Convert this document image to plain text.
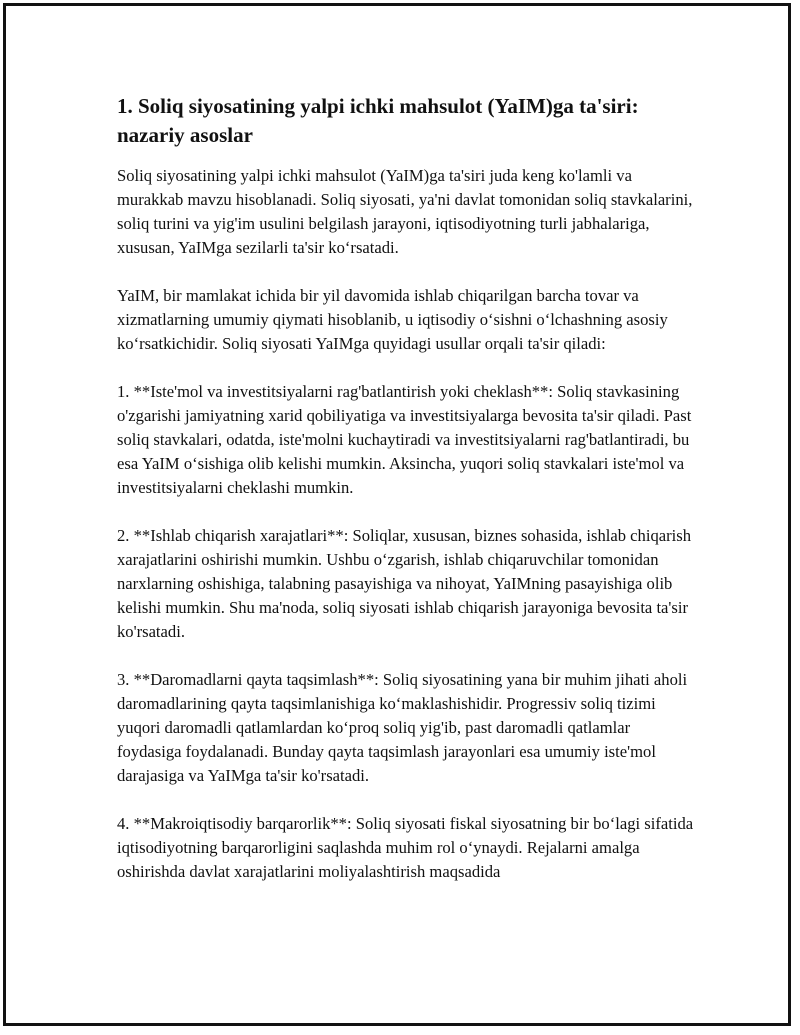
1. Soliq siyosatining yalpi ichki mahsulot (YaIM)ga ta'siri: nazariy asoslar

Soliq siyosatining yalpi ichki mahsulot (YaIM)ga ta'siri juda keng ko'lamli va murakkab mavzu hisoblanadi. Soliq siyosati, ya'ni davlat tomonidan soliq stavkalarini, soliq turini va yig'im usulini belgilash jarayoni, iqtisodiyotning turli jabhalariga, xususan, YaIMga sezilarli ta'sir ko‘rsatadi.

YaIM, bir mamlakat ichida bir yil davomida ishlab chiqarilgan barcha tovar va xizmatlarning umumiy qiymati hisoblanib, u iqtisodiy o‘sishni o‘lchashning asosiy ko‘rsatkichidir. Soliq siyosati YaIMga quyidagi usullar orqali ta'sir qiladi:

1. **Iste'mol va investitsiyalarni rag'batlantirish yoki cheklash**: Soliq stavkasining o'zgarishi jamiyatning xarid qobiliyatiga va investitsiyalarga bevosita ta'sir qiladi. Past soliq stavkalari, odatda, iste'molni kuchaytiradi va investitsiyalarni rag'batlantiradi, bu esa YaIM o‘sishiga olib kelishi mumkin. Aksincha, yuqori soliq stavkalari iste'mol va investitsiyalarni cheklashi mumkin.

2. **Ishlab chiqarish xarajatlari**: Soliqlar, xususan, biznes sohasida, ishlab chiqarish xarajatlarini oshirishi mumkin. Ushbu o‘zgarish, ishlab chiqaruvchilar tomonidan narxlarning oshishiga, talabning pasayishiga va nihoyat, YaIMning pasayishiga olib kelishi mumkin. Shu ma'noda, soliq siyosati ishlab chiqarish jarayoniga bevosita ta'sir ko'rsatadi.

3. **Daromadlarni qayta taqsimlash**: Soliq siyosatining yana bir muhim jihati aholi daromadlarining qayta taqsimlanishiga ko‘maklashishidir. Progressiv soliq tizimi yuqori daromadli qatlamlardan ko‘proq soliq yig'ib, past daromadli qatlamlar foydasiga foydalanadi. Bunday qayta taqsimlash jarayonlari esa umumiy iste'mol darajasiga va YaIMga ta'sir ko'rsatadi.

4. **Makroiqtisodiy barqarorlik**: Soliq siyosati fiskal siyosatning bir bo‘lagi sifatida iqtisodiyotning barqarorligini saqlashda muhim rol o‘ynaydi. Rejalarni amalga oshirishda davlat xarajatlarini moliyalashtirish maqsadida
